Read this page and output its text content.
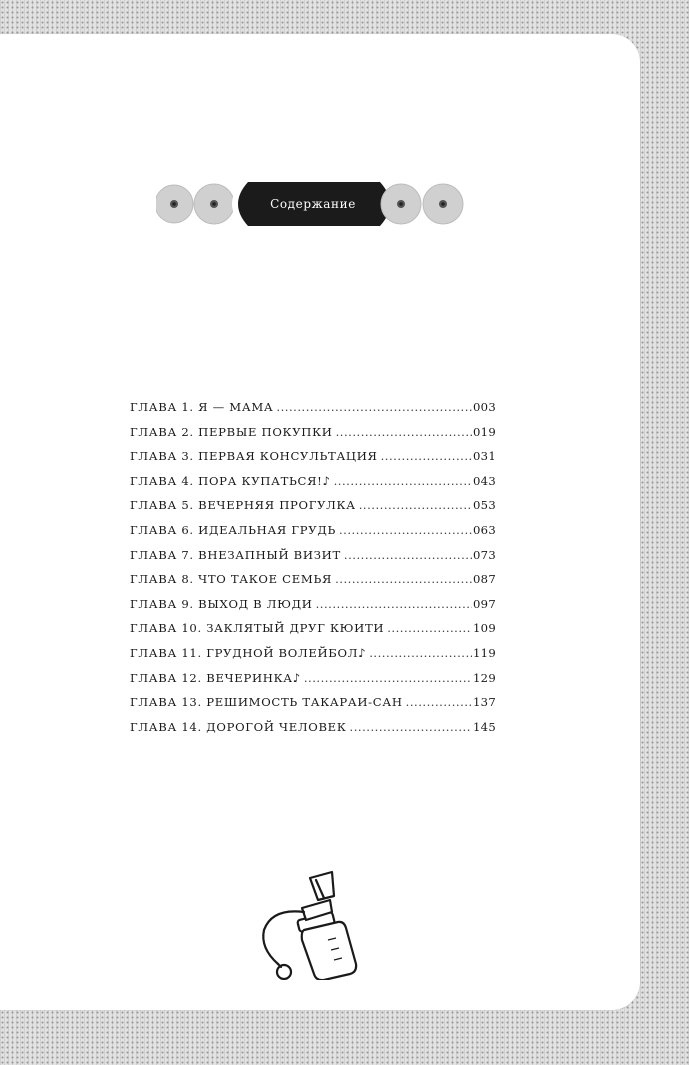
Содержание
ГЛАВА 1. Я — МАМА .....	003
ГЛАВА 2. ПЕРВЫЕ ПОКУПКИ .....	019
ГЛАВА 3. ПЕРВАЯ КОНСУЛЬТАЦИЯ .....	031
ГЛАВА 4. ПОРА КУПАТЬСЯ!♪ .....	043
ГЛАВА 5. ВЕЧЕРНЯЯ ПРОГУЛКА .....	053
ГЛАВА 6. ИДЕАЛЬНАЯ ГРУДЬ .....	063
ГЛАВА 7. ВНЕЗАПНЫЙ ВИЗИТ .....	073
ГЛАВА 8. ЧТО ТАКОЕ СЕМЬЯ .....	087
ГЛАВА 9. ВЫХОД В ЛЮДИ .....	097
ГЛАВА 10. ЗАКЛЯТЫЙ ДРУГ КЮИТИ .....	109
ГЛАВА 11. ГРУДНОЙ ВОЛЕЙБОЛ♪ .....	119
ГЛАВА 12. ВЕЧЕРИНКА♪ .....	129
ГЛАВА 13. РЕШИМОСТЬ ТАКАРАИ-САН .....	137
ГЛАВА 14. ДОРОГОЙ ЧЕЛОВЕК .....	145
